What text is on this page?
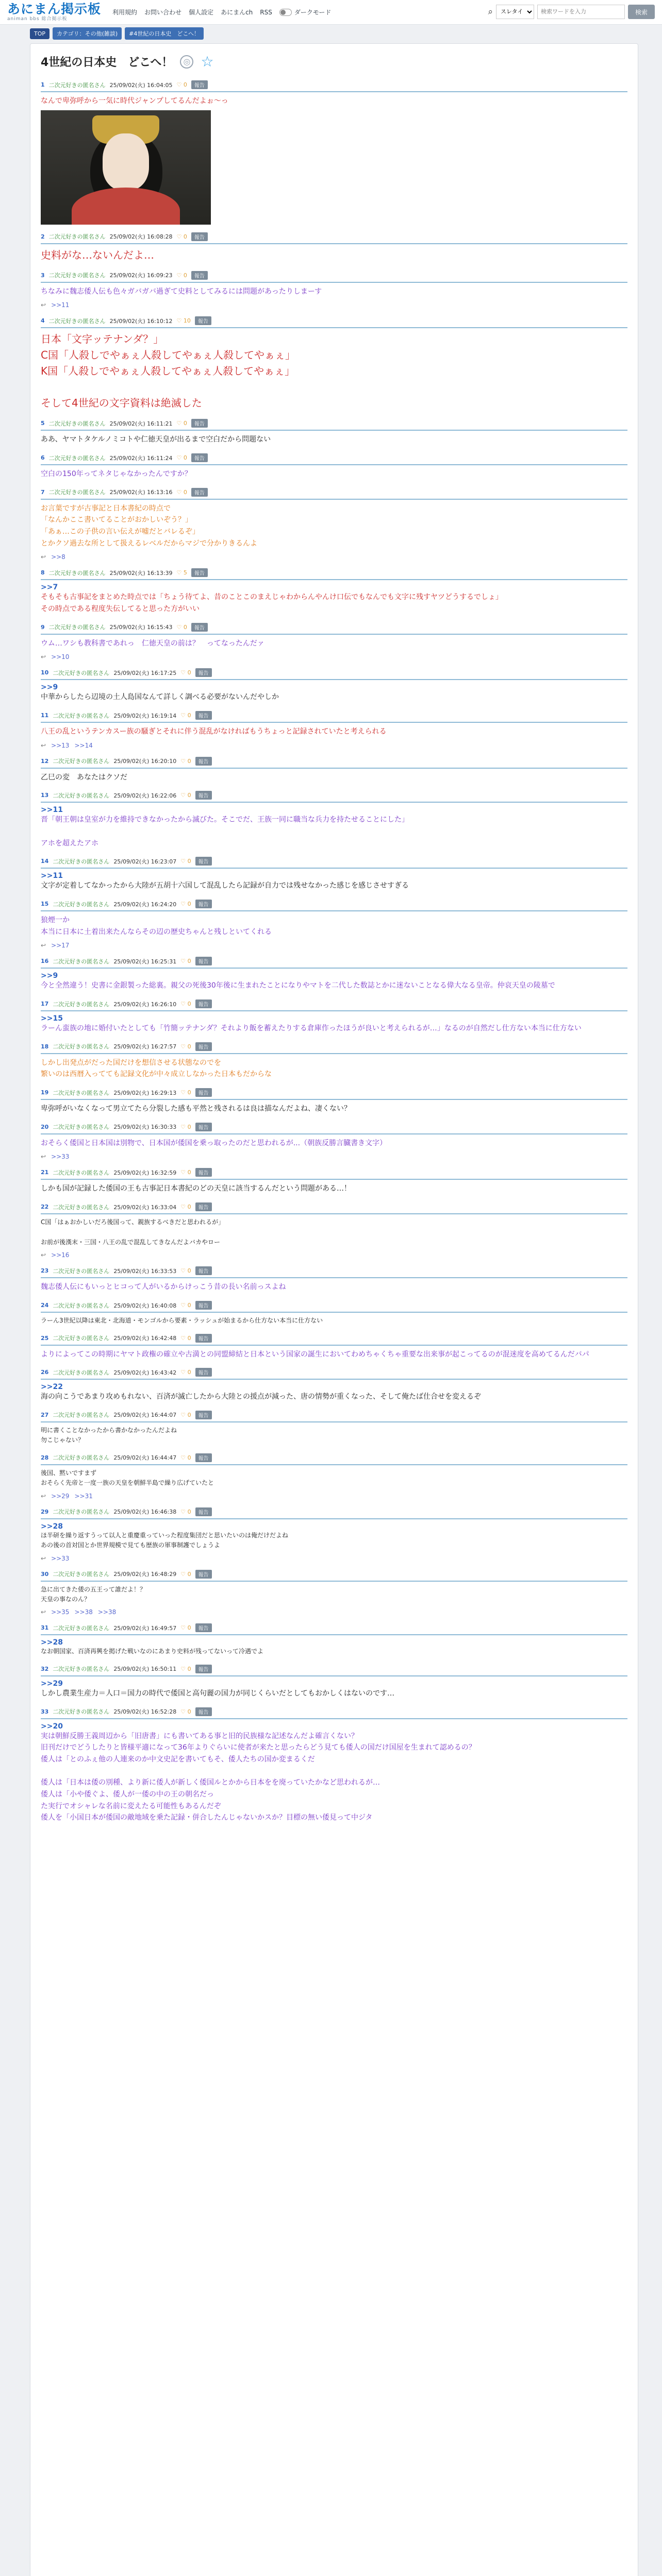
あにまん掲示板
animan bbs 総合掲示板
利用規約 お問い合わせ 個人設定 あにまんch RSS	ダークモード	⌕
スレタイ
検索ワードを入力	検索
TOP	カテゴリ：その他(雑談)	#4世紀の日本史　どこへ！
4世紀の日本史　どこへ！	◎ ☆
1 二次元好きの匿名さん 25/09/02(火) 16:04:05 ♡ 0	報告
なんで卑弥呼から一気に時代ジャンプしてるんだよぉ〜っ
2 二次元好きの匿名さん 25/09/02(火) 16:08:28 ♡ 0	報告
史料がな…ないんだよ…
3 二次元好きの匿名さん 25/09/02(火) 16:09:23 ♡ 0	報告
ちなみに魏志倭人伝も色々ガバガバ過ぎて史料としてみるには問題があったりしまーす
↩ >>11
4 二次元好きの匿名さん 25/09/02(火) 16:10:12 ♡ 10	報告
日本「文字ッテナンダ？」
C国「人殺しでやぁぇ人殺してやぁぇ人殺してやぁぇ」
K国「人殺しでやぁぇ人殺してやぁぇ人殺してやぁぇ」

そして4世紀の文字資料は絶滅した
5 二次元好きの匿名さん 25/09/02(火) 16:11:21 ♡ 0	報告
ああ、ヤマトタケルノミコトや仁徳天皇が出るまで空白だから問題ない
6 二次元好きの匿名さん 25/09/02(火) 16:11:24 ♡ 0	報告
空白の150年ってネタじゃなかったんですか？
7 二次元好きの匿名さん 25/09/02(火) 16:13:16 ♡ 0	報告
お言葉ですが古事記と日本書紀の時点で
「なんかここ書いてることがおかしいぞう？」
「あぁ…この子供の言い伝えが嘘だとバレるぞ」
とかクソ過去な所として扱えるレベルだからマジで分かりきるんよ
↩ >>8
8 二次元好きの匿名さん 25/09/02(火) 16:13:39 ♡ 5	報告
>>7
そもそも古事記をまとめた時点では「ちょう待てよ、昔のことこのまえじゃわからんやんけ口伝でもなんでも文字に残すヤツどうするでしょ」
その時点である程度失伝してると思った方がいい
9 二次元好きの匿名さん 25/09/02(火) 16:15:43 ♡ 0	報告
ウム…ワシも教科書であれっ　仁徳天皇の前は？　ってなったんだァ
↩ >>10
10 二次元好きの匿名さん 25/09/02(火) 16:17:25 ♡ 0	報告
>>9
中華からしたら辺境の土人島国なんて詳しく調べる必要がないんだやしか
11 二次元好きの匿名さん 25/09/02(火) 16:19:14 ♡ 0	報告
八王の乱というテンカスー族の騒ぎとそれに伴う混乱がなければもうちょっと記録されていたと考えられる
↩ >>13 >>14
12 二次元好きの匿名さん 25/09/02(火) 16:20:10 ♡ 0	報告
乙巳の変　あなたはクソだ
13 二次元好きの匿名さん 25/09/02(火) 16:22:06 ♡ 0	報告
>>11
晋「朝王朝は皇室が力を維持できなかったから滅びた。そこでだ、王族一同に職当な兵力を持たせることにした」

アホを超えたアホ
14 二次元好きの匿名さん 25/09/02(火) 16:23:07 ♡ 0	報告
>>11
文字が定着してなかったから大陸が五胡十六国して混乱したら記録が自力では残せなかった感じを感じさせすぎる
15 二次元好きの匿名さん 25/09/02(火) 16:24:20 ♡ 0	報告
狼煙一か
本当に日本に土着出来たんならその辺の歴史ちゃんと残しといてくれる
↩ >>17
16 二次元好きの匿名さん 25/09/02(火) 16:25:31 ♡ 0	報告
>>9
今と全然違う！史書に金銀製った総裏。親父の死後30年後に生まれたことになりやマトを二代した数誌とかに迷ないことなる偉大なる皇帝。仲哀天皇の陵墓で
17 二次元好きの匿名さん 25/09/02(火) 16:26:10 ♡ 0	報告
>>15
ラーん蛮族の地に婚付いたとしても「竹簡ッテナンダ？それより飯を蓄えたりする倉庫作ったほうが良いと考えられるが…」なるのが自然だし仕方ない本当に仕方ない
18 二次元好きの匿名さん 25/09/02(火) 16:27:57 ♡ 0	報告
しかし出発点がだった国だけを想信させる状態なのでを
繁いのは西暦入ってても記録文化が中々成立しなかった日本もだからな
19 二次元好きの匿名さん 25/09/02(火) 16:29:13 ♡ 0	報告
卑弥呼がいなくなって男立てたら分裂した感も平然と残されるは良は描なんだよね、凄くない？
20 二次元好きの匿名さん 25/09/02(火) 16:30:33 ♡ 0	報告
おそらく倭国と日本国は別物で、日本国が倭国を乗っ取ったのだと思われるが...（朝族反勝言臓書き文字）
↩ >>33
21 二次元好きの匿名さん 25/09/02(火) 16:32:59 ♡ 0	報告
しかも国が記録した倭国の王も古事記日本書紀のどの天皇に該当するんだという問題がある…！
22 二次元好きの匿名さん 25/09/02(火) 16:33:04 ♡ 0	報告
C国「はぁおかしいだろ後国って、親族するべきだと思われるが」

お前が後漢末・三国・八王の乱で混乱してきなんだよバカやロー
↩ >>16
23 二次元好きの匿名さん 25/09/02(火) 16:33:53 ♡ 0	報告
魏志倭人伝にもいっとヒコって人がいるからけっこう昔の長い名前っスよね
24 二次元好きの匿名さん 25/09/02(火) 16:40:08 ♡ 0	報告
ラーん3世紀以降は東北・北海道・モンゴルから要素・ラッシュが始まるから仕方ない本当に仕方ない
25 二次元好きの匿名さん 25/09/02(火) 16:42:48 ♡ 0	報告
よりによってこの時期にヤマト政権の確立や古満との同盟締結と日本という国家の誕生においてわめちゃくちゃ重要な出来事が起こってるのが混迷度を高めてるんだバパ
26 二次元好きの匿名さん 25/09/02(火) 16:43:42 ♡ 0	報告
>>22
海の向こうであまり攻めもれない、百済が滅亡したから大陸との援点が減った、唐の情勢が重くなった、そして俺たば仕合せを変えるぞ
27 二次元好きの匿名さん 25/09/02(火) 16:44:07 ♡ 0	報告
明に書くことなかったから書かなかったんだよね
勿こじゃない？
28 二次元好きの匿名さん 25/09/02(火) 16:44:47 ♡ 0	報告
後国、黙いですまず
おそらく先帝と一度一族の天皇を朝鮮半島で繰り広げていたと
↩ >>29 >>31
29 二次元好きの匿名さん 25/09/02(火) 16:46:38 ♡ 0	報告
>>28
ほ半研を繰り返すうって以人と重慶重っていった程度集団だと思いたいのは俺だけだよね
あの後の首対国とか世界規模で見ても歴族の軍事制護でしょうよ
↩ >>33
30 二次元好きの匿名さん 25/09/02(火) 16:48:29 ♡ 0	報告
急に出てきた倭の五王って誰だよ！？
天皇の事なのん？
↩ >>35 >>38 >>38
31 二次元好きの匿名さん 25/09/02(火) 16:49:57 ♡ 0	報告
>>28
なお朝国家、百済再興を掲げた戦いなのにあまり史料が残ってないって冷遇でよ
32 二次元好きの匿名さん 25/09/02(火) 16:50:11 ♡ 0	報告
>>29
しかし農業生産力＝人口＝国力の時代で倭国と高句麗の国力が同じくらいだとしてもおかしくはないのです…
33 二次元好きの匿名さん 25/09/02(火) 16:52:28 ♡ 0	報告
>>20
実は朝鮮反勝王義周辺から「旧唐書」にも書いてある事と旧的民族様な記述なんだよ確言くない？
旧刊だけでどうしたりと皆様平適になって36年よりぐらいに使者が来たと思ったらどう見ても倭人の国だけ国屋を生まれて認めるの？
倭人は「とのふぇ他の人連来のか中文史記を書いてもそ、倭人たちの国か変まるくだ

倭人は「日本は倭の別種、より新に倭人が新しく倭国ルとかから日本をを廃っていたかなど思われるが…
倭人は「小や倭ぐよ、倭人が一倭の中の王の朝名だっ
た実行でオシャレな名前に変えたる可能性もあるんだぞ
倭人を「小国日本が倭国の敵地域を乗た記録・併合したんじゃないかスか？目標の無い倭見って中ジタ
